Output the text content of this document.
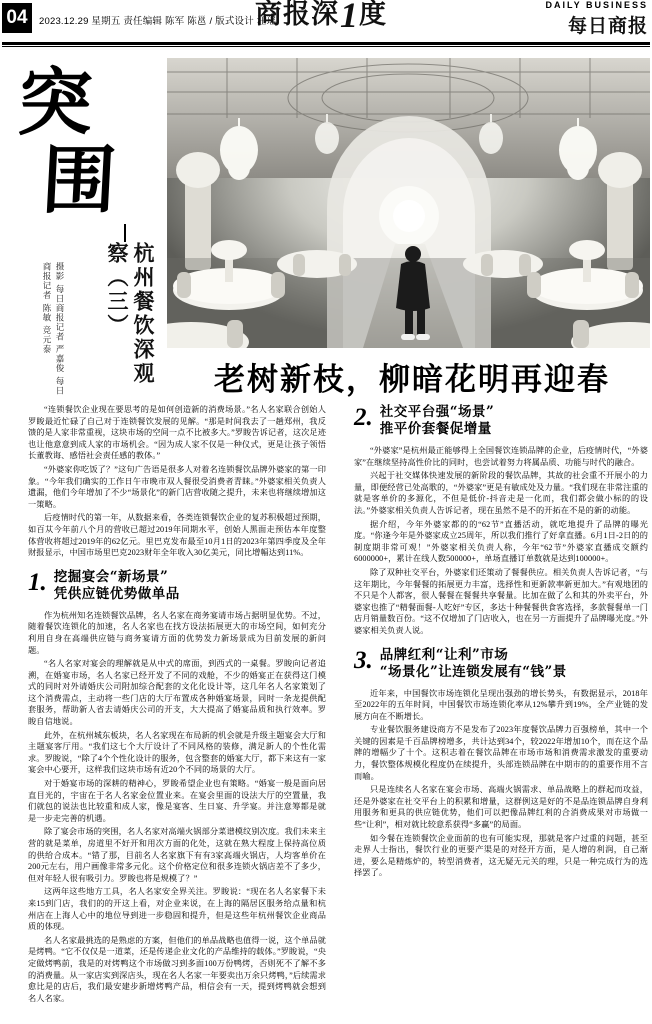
04	2023.12.29 星期五 责任编辑 陈军 陈邕 / 版式设计 汪瑶
商报深 1 度	DAILY BUSINESS
每日商报
突
围
杭州餐饮深观察（三）
摄影 每日商报记者 严嘉俊 每日商报记者 陈敏 竞元泰
老树新枝，柳暗花明再迎春

“连锁餐饮企业现在要思考的是如何创造新的消费场景。”名人名家联合创始人罗睃最近忙碌了自己对于连锁餐饮发展的见解。“那是时间我去了一趟郑州，我反馈的是人家非常重视，这块市场的空间一点不比被多大。”罗睃告诉记者，这次足迹也让他意意到成人家的市场机会。“因为成人家不仅是一种仪式，更是让孩子领悟长董教诲、感悟社会责任感的教体。”

“外婆家你吃饭了？”这句广告语是很多人对着名连锁餐饮品牌外婆家的第一印象。“今年我们确实的工作日午市晚市双人餐很受消费者青睐。”外婆家相关负责人遗漏，他们今年增加了不少“场景化”的新门店营收随之提升，未来也将继续增加这一策略。

后疫情时代的第一年，从数据来看，各类连锁餐饮企业的复苏积极超过预期，如百苁今年前八个月的营收已超过2019年同期水平，创始人黑面走预估本年度整体营收将超过2019年的62亿元。里巴克发布最至10月1日的2023年第四季度及全年财报显示，中国市场里巴克2023财年全年收入30亿美元，同比增幅达到11%。

1. 挖掘宴会“新场景”
凭供应链优势做单品

作为杭州知名连锁餐饮品牌，名人名家在商务宴请市场占据明显优势。不过，随着餐饮连锁化的加速，名人名家也在找方设法拓展更大的市场空间，如何充分利用自身在高端供应链与商务宴请方面的优势发力新场景成为目前发展的新问题。

“名人名家对宴会的理解就是从中式的席面，到西式的一桌餐。罗睃向记者追溯，在婚宴市场，名人名家已经开发了不同的戏舱，不少的婚宴正在获得这门模式的同时对外请婚庆公司附加综合配套的文化化设计等，这几年名人名家策划了这个消费需点，主动将一些门店的大厅布置成各种婚宴场景，同时一条龙提供配套服务，帮助新人省去请婚庆公司的开支，大大提高了婚宴品质和执行效率。罗睃自信地说。

此外，在杭州城东板块，名人名家现在布局新的机会就是升级主题宴会大厅和主题宴客厅用。“我们这七个大厅设计了不同风格的装修，满足新人的个性化需求。罗睃说，“除了4个个性化设计的服务，包含整套的婚宴大厅，都下来这有一家宴会中心要开，这样我们这块市场有近20个不同的场景的大厅。

对于婚宴市场的深耕的精神心，罗睃希望企业也有策略。“婚宴一般是面向居直目光的，宇宙在于名人名家金位置业来。在宴会里面的设法大厅的空置量，我们就包的说法也比较重和成人家，像是宴客、生日宴、升学宴。并注意筹都是就是一步走完善的机遇。

除了宴会市场的突围，名人名家对高端火锅部分菜谱模纹别次度。我们未来主营的就是菜单，房道里不好开和用次方面的化处，这就在熟大程度上保持高位质的供给合成本。“错了那，目前名人名家旗下有有3家高端火锅店，人均客单价在200元左右，用户画像非常多元化。这个价格定位和很多连锁火锅店差不了多少，但对年轻人很有吸引力。罗睃也将是规模了？”

这两年这些地方工具，名人名家安全界关注。罗睃说：“现在名人名家餐下未来15到门店，我们的的开这上看，对企业来说，在上海的隔居区服务给点量和杭州店在上海人心中的地位导到进一步稳固和提升，但是这些年杭州餐饮企业商品质的体现。

名人名家最挑选的是熟虑的方案，但他们的单品战略也值得一说，这个单品就是烤鸭。“它不仅仅是一道菜，还是传递企业文化的产品维持的载体。”罗睃说，“央定做烤鸭前，我是的对烤鸭这个市场做习到多面100万份鸭烤，否则死不了解不多的消费量。从一家店实到深店头，现在名人名家一年要卖出万余只烤鸭，”后续需求愈比是的店后，我们最安建步新增烤鸭产品，相信会有一天，提到烤鸭就会想到名人名家。

2. 社交平台强“场景”
推平价套餐促增量

“外婆家”是杭州最正能够得上全国餐饮连锁品牌的企业，后疫情时代，“外婆家”在继续坚持高性价比的同时，也尝试着努力将属品质、功能与时代的融合。

兴起于社交媒体快速发展的新阶段的餐饮品牌，其故的社会重不开展小的力量，即便经营已处高歌的，“外婆家”更是有敏成处及力量。“我们现在非常注重的就是客单价的多源化，不但是低价-抖音走是一化而，我们都会做小标的的设法。”外婆家相关负责人告诉记者，现在虽然不是不的开拓在不是的新的动能。

据介绍，今年外婆家都的的“62节”直播活动，就吃地提升了品牌的曝光度。“你逢今年是外婆家成立25周年，所以我们推行了好拿直播。6月1日-2日的的制度期非常可观！”外婆家相关负责人称，今年“62节”外婆家直播成交额约6000000+，累计在线人数500000+，单场直播订单数就是达到100000+。

除了双种社交平台，外婆家们还策动了餐餐供应。相关负责人告诉记者，“与这年期比，今年餐餐的拓展更力丰富，选择性和更新款率新更加大。”有观地团的不只是个人都客，很人餐餐在餐餐共享餐量。比加在做了么和其的外卖平台，外婆家也推了“精餐面餐-人吃好”专区，多达十种餐餐供食客选择，多款餐餐单一门店月销量数百份。“这不仅增加了门店收入，也在另一方面提升了品牌曝光度。”外婆家相关负责人说。

3. 品牌红利“让利”市场
“场景化”让连锁发展有“钱”景

近年来，中国餐饮市场连锁化呈现出强劲的增长势头，有数据显示，2018年至2022年的五年时间，中国餐饮市场连锁化率从12%攀升到19%，全产业链的发展方向在不断增长。

专业餐饮服务建设商方不是发布了2023年度餐饮品牌力百强榜单，其中一个关键的因素是千百品牌榜增多，共计达到34个，较2022年增加10个，而在这个品牌的增幅少了十个。这积志着在餐饮品牌在市场市场和消费需求激发的重要动力，餐饮整体规模化程度仍在续提升，头部连锁品牌在中期市的的重要作用不言而喻。

只是连续名人名家在宴会市场、高端火锅需求、单品战略上的群起而攻益，还是外婆家在社交平台上的积累和增量，这群例这是好的不是品连锁品牌自身利用服务和更具的供应链优势，他们可以把像品牌红利的合消费成果对市场做一些“让利”，相对就比较意系获得“多赢”的局面。

如今餐在连锁餐饮企业面前的也有可能实现，那就是客户过重的问题，甚至走界人士指出，餐饮行业的更要产渠是的对经开方面，是人增的利润，自己渐进，要么是精炼炉的，转型消费者，这无疑无元关的理，只是一种完成行为的选择罢了。
